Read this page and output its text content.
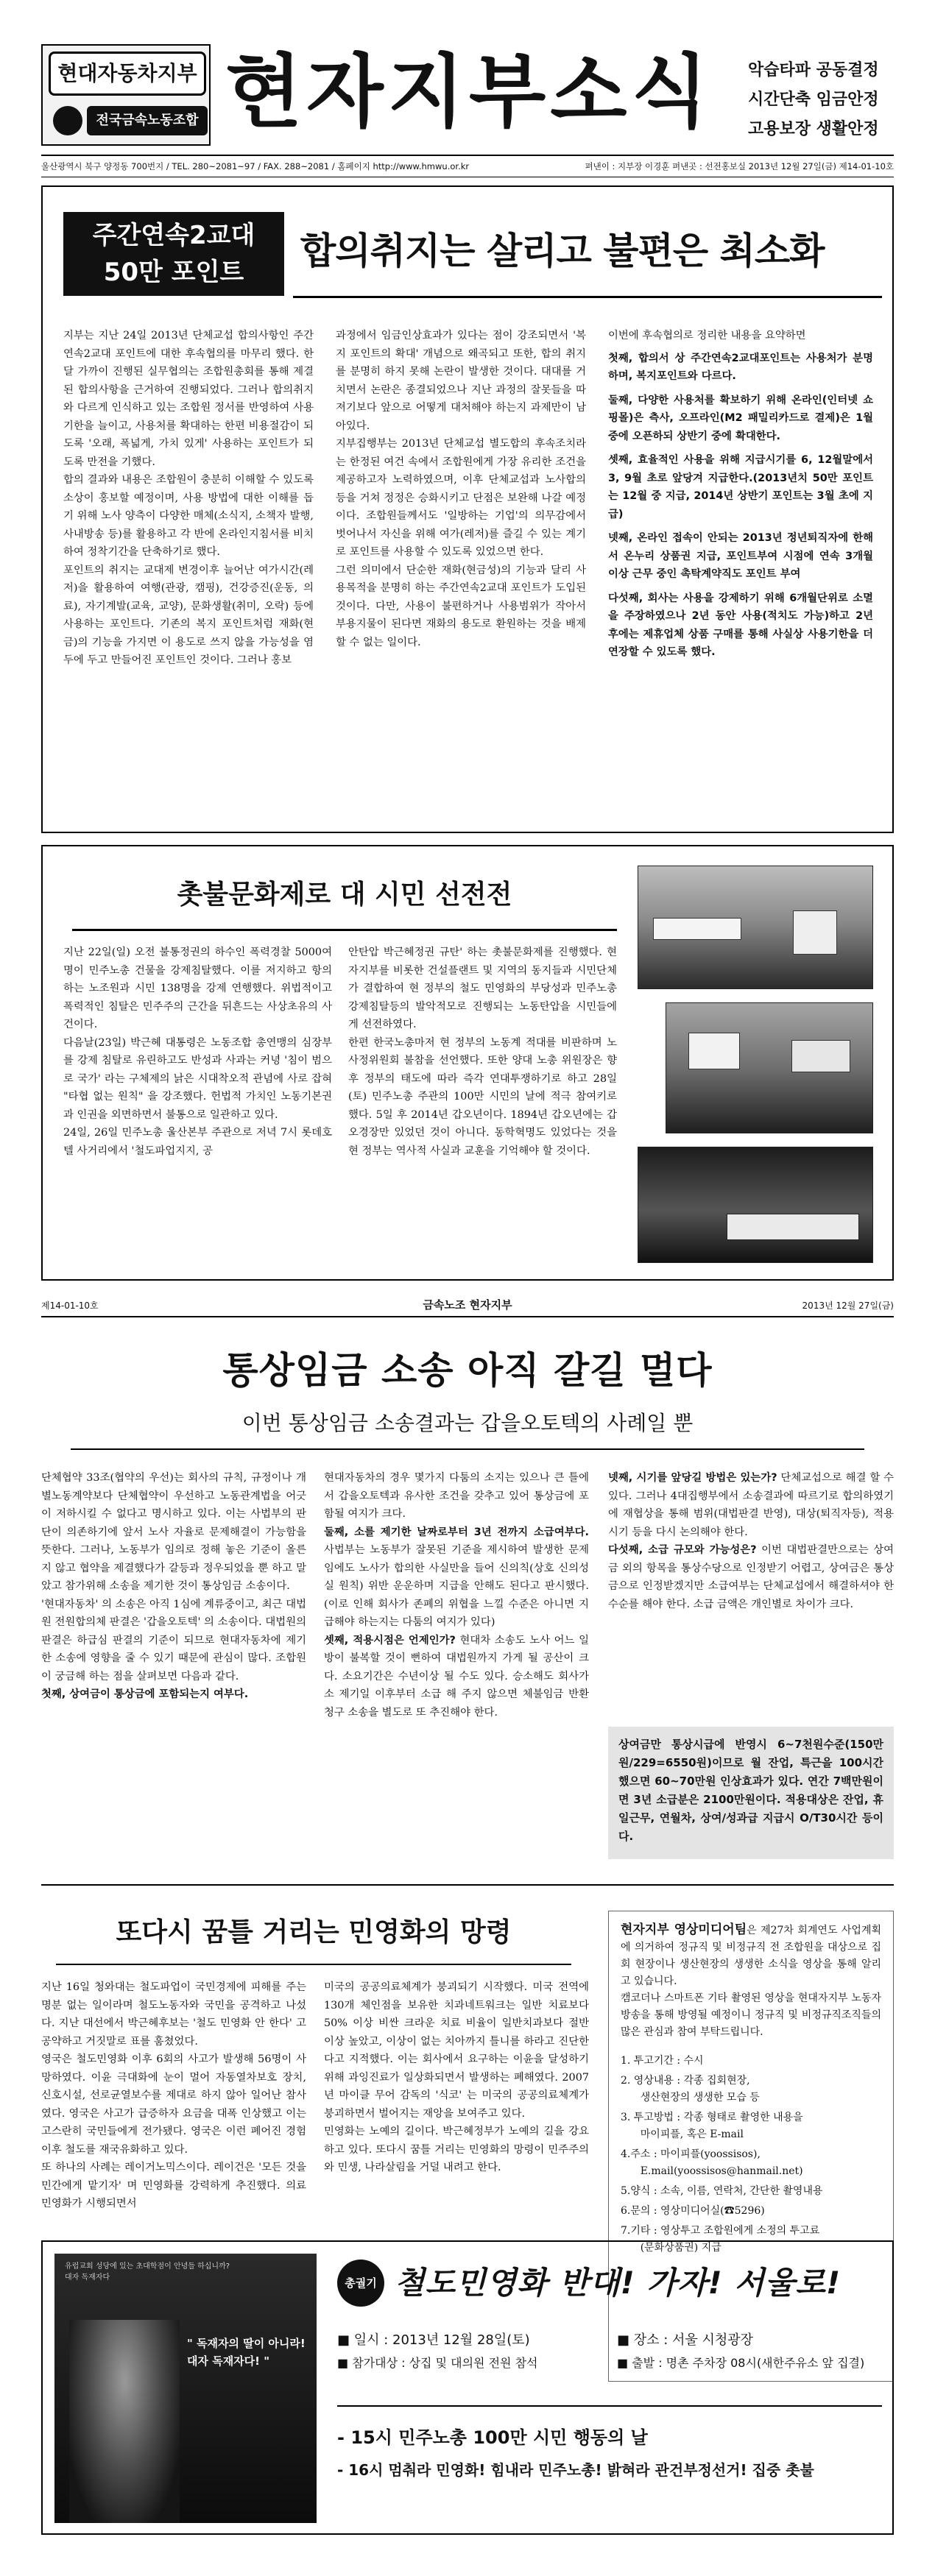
현대자동차지부
전국금속노동조합 현자지부소식	악습타파 공동결정
시간단축 임금안정
고용보장 생활안정
울산광역시 북구 양정동 700번지 / TEL. 280~2081~97 / FAX. 288~2081 / 홈페이지 http://www.hmwu.or.kr	펴낸이 : 지부장 이경훈 펴낸곳 : 선전홍보실 2013년 12월 27일(금) 제14-01-10호
주간연속2교대
50만 포인트	합의취지는 살리고 불편은 최소화
지부는 지난 24일 2013년 단체교섭 합의사항인 주간연속2교대 포인트에 대한 후속협의를 마무리 했다. 한 달 가까이 진행된 실무협의는 조합원총회를 통해 제결된 합의사항을 근거하여 진행되었다. 그러나 합의취지와 다르게 인식하고 있는 조합원 정서를 반영하여 사용기한을 늘이고, 사용처를 확대하는 한편 비용절감이 되도록 '오래, 폭넓게, 가치 있게' 사용하는 포인트가 되도록 만전을 기했다.
합의 결과와 내용은 조합원이 충분히 이해할 수 있도록 소상이 홍보할 예정이며, 사용 방법에 대한 이해를 돕기 위해 노사 양측이 다양한 매체(소식지, 소책자 발행, 사내방송 등)를 활용하고 각 반에 온라인지침서를 비치하여 정착기간을 단축하기로 했다.
포인트의 취지는 교대제 변경이후 늘어난 여가시간(레저)을 활용하여 여행(관광, 캠핑), 건강증진(운동, 의료), 자기계발(교육, 교양), 문화생활(취미, 오락) 등에 사용하는 포인트다. 기존의 복지 포인트처럼 재화(현금)의 기능을 가지면 이 용도로 쓰지 않을 가능성을 염두에 두고 만들어진 포인트인 것이다. 그러나 홍보
과정에서 임금인상효과가 있다는 점이 강조되면서 '복지 포인트의 확대' 개념으로 왜곡되고 또한, 합의 취지를 분명히 하지 못해 논란이 발생한 것이다. 대대를 거치면서 논란은 종결되었으나 지난 과정의 잘못들을 따져기보다 앞으로 어떻게 대처해야 하는지 과제만이 남아있다.
지부집행부는 2013년 단체교섭 별도합의 후속조치라는 한정된 여건 속에서 조합원에게 가장 유리한 조건을 제공하고자 노력하였으며, 이후 단체교섭과 노사합의 등을 거쳐 정정은 승화시키고 단점은 보완해 나갈 예정이다. 조합원들께서도 '일방하는 기업'의 의무감에서 벗어나서 자신을 위해 여가(레저)를 즐길 수 있는 계기로 포인트를 사용할 수 있도록 있었으면 한다.
그런 의미에서 단순한 재화(현금성)의 기능과 달리 사용목적을 분명히 하는 주간연속2교대 포인트가 도입된 것이다. 다만, 사용이 불편하거나 사용범위가 작아서 부용지물이 된다면 재화의 용도로 환원하는 것을 배제할 수 없는 일이다.
이번에 후속협의로 정리한 내용을 요약하면
첫째, 합의서 상 주간연속2교대포인트는 사용처가 분명하며, 복지포인트와 다르다.
둘째, 다양한 사용처를 확보하기 위해 온라인(인터넷 쇼핑몰)은 측사, 오프라인(M2 패밀리카드로 결제)은 1월 중에 오픈하되 상반기 중에 확대한다.
셋째, 효율적인 사용을 위해 지급시기를 6, 12월말에서 3, 9월 초로 앞당겨 지급한다.(2013년치 50만 포인트는 12월 중 지급, 2014년 상반기 포인트는 3월 초에 지급)
넷째, 온라인 접속이 안되는 2013년 정년퇴직자에 한해서 온누리 상품권 지급, 포인트부여 시점에 연속 3개월 이상 근무 중인 촉탁계약직도 포인트 부여
다섯째, 회사는 사용을 강제하기 위해 6개월단위로 소멸을 주장하였으나 2년 동안 사용(적치도 가능)하고 2년 후에는 제휴업체 상품 구매를 통해 사실상 사용기한을 더 연장할 수 있도록 했다.
촛불문화제로 대 시민 선전전
지난 22일(일) 오전 불통정권의 하수인 폭력경찰 5000여명이 민주노총 건물을 강제침탈했다. 이를 저지하고 항의하는 노조원과 시민 138명을 강제 연행했다. 위법적이고 폭력적인 침탈은 민주주의 근간을 뒤흔드는 사상초유의 사건이다.
다음날(23일) 박근혜 대통령은 노동조합 총연맹의 심장부를 강제 침탈로 유린하고도 반성과 사과는 커녕 '침이 범으로 국가' 라는 구체제의 낡은 시대착오적 관념에 사로 잡혀 "타협 없는 원칙" 을 강조했다. 헌법적 가치인 노동기본권과 인권을 외면하면서 불통으로 일관하고 있다.
24일, 26일 민주노총 울산본부 주관으로 저녁 7시 롯데호텔 사거리에서 '철도파업지지, 공
안탄압 박근혜정권 규탄' 하는 촛불문화제를 진행했다. 현자지부를 비롯한 건설플랜트 및 지역의 동지들과 시민단체가 결합하여 현 정부의 철도 민영화의 부당성과 민주노총 강제침탈등의 발악적모로 진행되는 노동탄압을 시민들에게 선전하였다.
한편 한국노총마저 현 정부의 노동계 적대를 비판하며 노사정위원회 불참을 선언했다. 또한 양대 노총 위원장은 향후 정부의 태도에 따라 즉각 연대투쟁하기로 하고 28일(토) 민주노총 주관의 100만 시민의 날에 적극 참여키로 했다. 5일 후 2014년 갑오년이다. 1894년 갑오년에는 갑오경장만 있었던 것이 아니다. 동학혁명도 있었다는 것을 현 정부는 역사적 사실과 교훈을 기억해야 할 것이다.
제14-01-10호	금속노조 현자지부	2013년 12월 27일(금)
통상임금 소송 아직 갈길 멀다
이번 통상임금 소송결과는 갑을오토텍의 사례일 뿐
단체협약 33조(협약의 우선)는 회사의 규칙, 규정이나 개별노동계약보다 단체협약이 우선하고 노동관계법을 어긋이 저하시킬 수 없다고 명시하고 있다. 이는 사법부의 판단이 의존하기에 앞서 노사 자율로 문제해결이 가능함을 뜻한다. 그러나, 노동부가 임의로 정해 놓은 기준이 올른지 않고 협약을 제결했다가 갈등과 정우되었을 뿐 하고 말았고 참가위해 소송을 제기한 것이 통상임금 소송이다.
'현대자동차' 의 소송은 아직 1심에 계류중이고, 최근 대법원 전원합의체 판결은 '갑을오토텍' 의 소송이다. 대법원의 판결은 하급심 판결의 기준이 되므로 현대자동차에 제기한 소송에 영향을 줄 수 있기 때문에 관심이 많다. 조합원이 궁금해 하는 점을 살펴보면 다음과 같다.
첫째, 상여금이 통상금에 포함되는지 여부다.
현대자동차의 경우 몇가지 다툼의 소지는 있으나 큰 틀에서 갑을오토텍과 유사한 조건을 갖추고 있어 통상금에 포함될 여지가 크다.
둘째, 소를 제기한 날짜로부터 3년 전까지 소급여부다. 사법부는 노동부가 잘못된 기준을 제시하여 발생한 문제임에도 노사가 합의한 사실만을 들어 신의칙(상호 신의성실 원칙) 위반 운운하며 지급을 안해도 된다고 판시했다.(이로 인해 회사가 존폐의 위협을 느낄 수준은 아니면 지급해야 하는지는 다툼의 여지가 있다)
셋째, 적용시점은 언제인가? 현대차 소송도 노사 어느 일방이 불복할 것이 뻔하여 대법원까지 가게 될 공산이 크다. 소요기간은 수년이상 될 수도 있다. 승소해도 회사가 소 제기일 이후부터 소급 해 주지 않으면 체불임금 반환 청구 소송을 별도로 또 추진해야 한다.
넷째, 시기를 앞당길 방법은 있는가? 단체교섭으로 해결 할 수 있다. 그러나 4대집행부에서 소송결과에 따르기로 합의하였기에 재협상을 통해 범위(대법판결 반영), 대상(퇴직자등), 적용시기 등을 다시 논의해야 한다.
다섯째, 소급 규모와 가능성은? 이번 대법판결만으로는 상여금 외의 항목을 통상수당으로 인정받기 어렵고, 상여금은 통상금으로 인정받겠지만 소급여부는 단체교섭에서 해결하셔야 한 수순를 해야 한다. 소급 금액은 개인별로 차이가 크다.
상여금만 통상시급에 반영시 6~7천원수준(150만원/229=6550원)이므로 월 잔업, 특근을 100시간 했으면 60~70만원 인상효과가 있다. 연간 7백만원이면 3년 소급분은 2100만원이다. 적용대상은 잔업, 휴일근무, 연월차, 상여/성과급 지급시 O/T30시간 등이다.
또다시 꿈틀 거리는 민영화의 망령
지난 16일 청와대는 철도파업이 국민경제에 피해를 주는 명분 없는 일이라며 철도노동자와 국민을 공격하고 나섰다. 지난 대선에서 박근혜후보는 '철도 민영화 안 한다' 고 공약하고 거짓말로 표를 훔쳤었다.
영국은 철도민영화 이후 6회의 사고가 발생해 56명이 사망하였다. 이윤 극대화에 눈이 멀어 자동열차보호 장치, 신호시설, 선로균열보수를 제대로 하지 않아 일어난 참사였다. 영국은 사고가 급증하자 요금을 대폭 인상했고 이는 고스란히 국민들에게 전가됐다. 영국은 이런 폐어진 경험 이후 철도를 재국유화하고 있다.
또 하나의 사례는 레이거노믹스이다. 레이건은 '모든 것을 민간에게 맡기자' 며 민영화를 강력하게 추진했다. 의료 민영화가 시행되면서
미국의 공공의료체계가 붕괴되기 시작했다. 미국 전역에 130개 체인점을 보유한 치과네트워크는 일반 치료보다 50% 이상 비싼 크라운 치료 비율이 일반치과보다 절반 이상 높았고, 이상이 없는 치아까지 틀니를 하라고 진단한다고 지적했다. 이는 회사에서 요구하는 이윤을 달성하기 위해 과잉진료가 일상화되면서 발생하는 폐해였다. 2007년 마이클 무어 감독의 '식코' 는 미국의 공공의료체계가 붕괴하면서 벌어지는 재앙을 보여주고 있다.
민영화는 노예의 길이다. 박근혜정부가 노예의 길을 강요하고 있다. 또다시 꿈틀 거리는 민영화의 망령이 민주주의와 민생, 나라살림을 거덜 내려고 한다.
현자지부 영상미디어팀은 제27차 회계연도 사업계획에 의거하여 정규직 및 비정규직 전 조합원을 대상으로 집회 현장이나 생산현장의 생생한 소식을 영상을 통해 알리고 있습니다.
캠코더나 스마트폰 기타 촬영된 영상을 현대자지부 노동자 방송을 통해 방영될 예정이니 정규직 및 비정규직조직들의 많은 관심과 참여 부탁드립니다.
1. 투고기간 : 수시
2. 영상내용 : 각종 집회현장,
생산현장의 생생한 모습 등
3. 투고방법 : 각종 형태로 촬영한 내용을
마이피플, 혹은 E-mail
4.주소 : 마이피플(yoossisos),
E.mail(yoossisos@hanmail.net)
5.양식 : 소속, 이름, 연락처, 간단한 촬영내용
6.문의 : 영상미디어실(☎5296)
7.기타 : 영상투고 조합원에게 소정의 투고료
(문화상품권) 지급
유럽교회 성당에 있는 초대학점이 안녕들 하십니까?
대자 독재자다
" 독재자의 딸이 아니라!
대자 독재자다! "
총궐기 철도민영화 반대! 가자! 서울로!
■ 일시 : 2013년 12월 28일(토)	■ 장소 : 서울 시청광장
■ 참가대상 : 상집 및 대의원 전원 참석	■ 출발 : 명촌 주차장 08시(새한주유소 앞 집결)
- 15시 민주노총 100만 시민 행동의 날
- 16시 멈춰라 민영화! 힘내라 민주노총! 밝혀라 관건부정선거! 집중 촛불
